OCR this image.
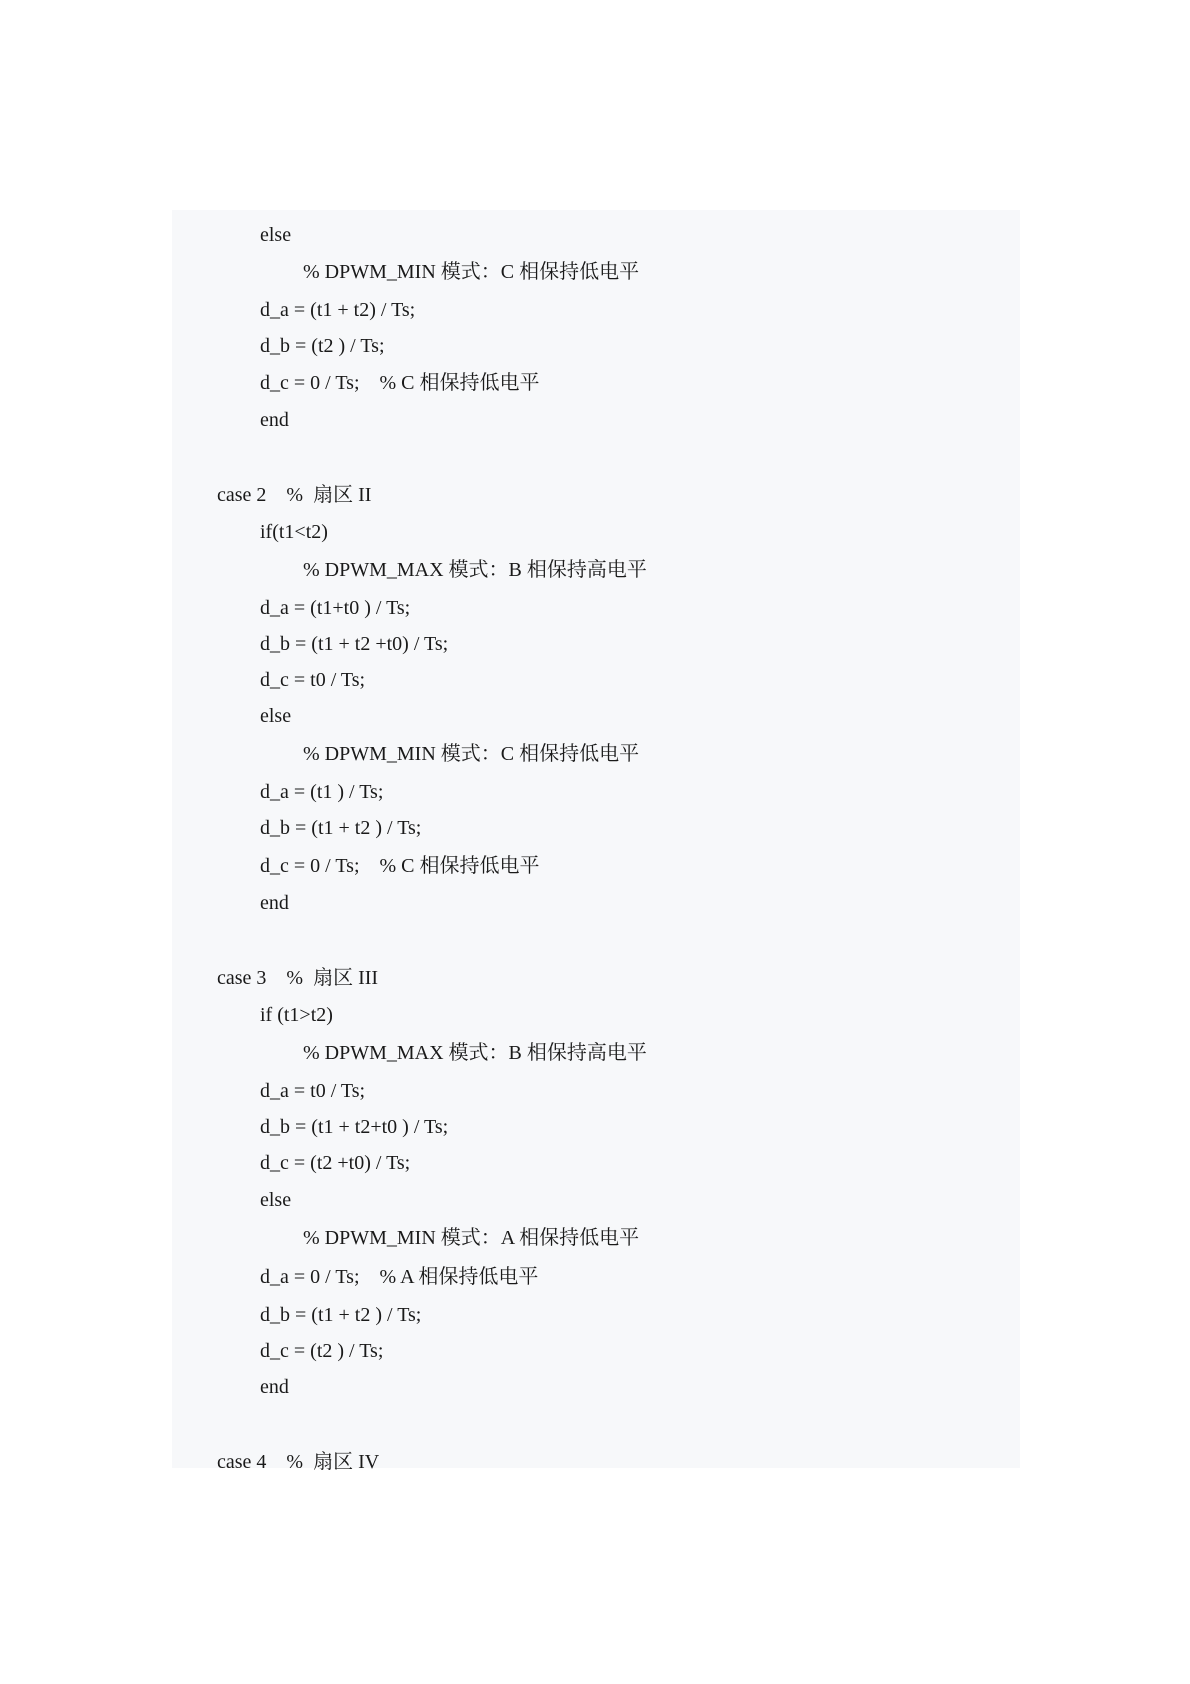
else
% DPWM_MIN 模式：C 相保持低电平
d_a = (t1 + t2) / Ts;
d_b = (t2 ) / Ts;
d_c = 0 / Ts;    % C 相保持低电平
end
case 2    %  扇区 II
if(t1<t2)
% DPWM_MAX 模式：B 相保持高电平
d_a = (t1+t0 ) / Ts;
d_b = (t1 + t2 +t0) / Ts;
d_c = t0 / Ts;
else
% DPWM_MIN 模式：C 相保持低电平
d_a = (t1 ) / Ts;
d_b = (t1 + t2 ) / Ts;
d_c = 0 / Ts;    % C 相保持低电平
end
case 3    %  扇区 III
if (t1>t2)
% DPWM_MAX 模式：B 相保持高电平
d_a = t0 / Ts;
d_b = (t1 + t2+t0 ) / Ts;
d_c = (t2 +t0) / Ts;
else
% DPWM_MIN 模式：A 相保持低电平
d_a = 0 / Ts;    % A 相保持低电平
d_b = (t1 + t2 ) / Ts;
d_c = (t2 ) / Ts;
end
case 4    %  扇区 IV
